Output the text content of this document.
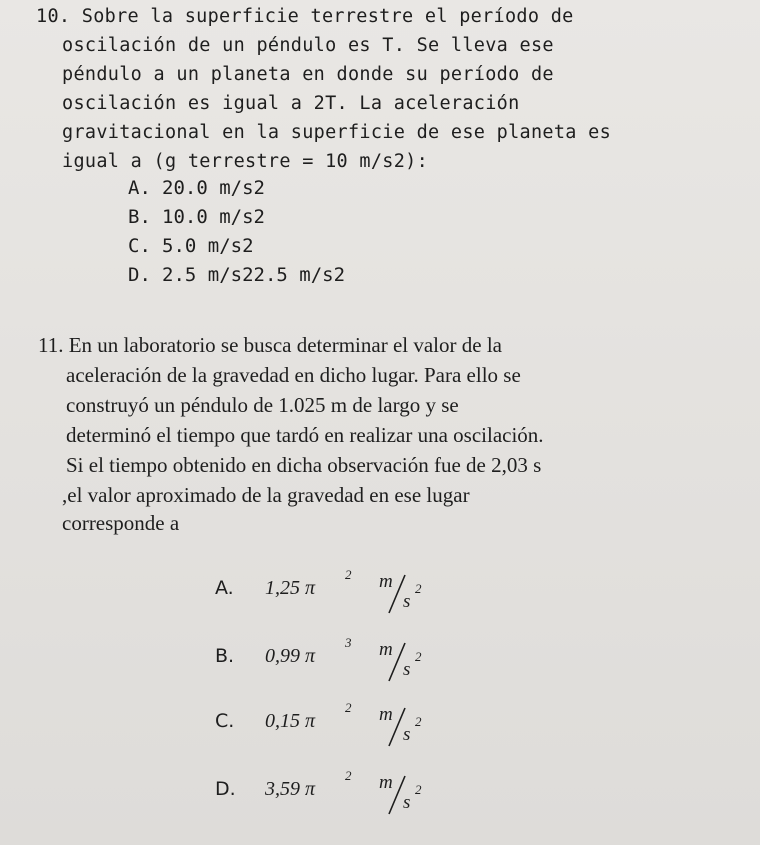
10. Sobre la superficie terrestre el período de
oscilación de un péndulo es T. Se lleva ese
péndulo a un planeta en donde su período de
oscilación es igual a 2T. La aceleración
gravitacional en la superficie de ese planeta es
igual a (g terrestre = 10 m/s2):
A. 20.0 m/s2
B. 10.0 m/s2
C. 5.0 m/s2
D. 2.5 m/s22.5 m/s2
11. En un laboratorio se busca determinar el valor de la
aceleración de la gravedad en dicho lugar. Para ello se
construyó un péndulo de 1.025 m de largo y se
determinó el tiempo que tardó en realizar una oscilación.
Si el tiempo obtenido en dicha observación fue de 2,03 s
,el valor aproximado de la gravedad en ese lugar
corresponde a
A. 1,25 π
2 m
s
2
B. 0,99 π
3 m
s
2
C. 0,15 π
2 m
s
2
D. 3,59 π
2 m
s
2
